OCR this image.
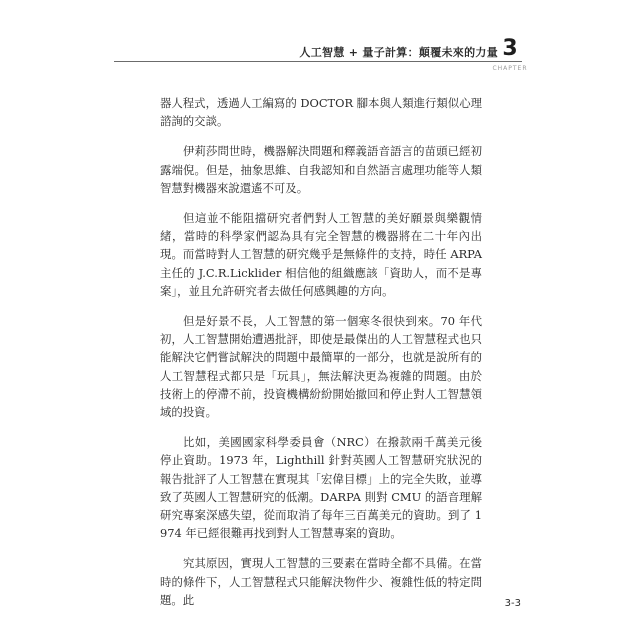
人工智慧 + 量子計算：顛覆未來的力量 3
CHAPTER

器人程式，透過人工編寫的 DOCTOR 腳本與人類進行類似心理諮詢的交談。

伊莉莎問世時，機器解決問題和釋義語音語言的苗頭已經初露端倪。但是，抽象思維、自我認知和自然語言處理功能等人類智慧對機器來說還遙不可及。

但這並不能阻擋研究者們對人工智慧的美好願景與樂觀情緒，當時的科學家們認為具有完全智慧的機器將在二十年內出現。而當時對人工智慧的研究幾乎是無條件的支持，時任 ARPA 主任的 J.C.R.Licklider 相信他的組織應該「資助人，而不是專案」，並且允許研究者去做任何感興趣的方向。

但是好景不長，人工智慧的第一個寒冬很快到來。70 年代初，人工智慧開始遭遇批評，即使是最傑出的人工智慧程式也只能解決它們嘗試解決的問題中最簡單的一部分，也就是說所有的人工智慧程式都只是「玩具」，無法解決更為複雜的問題。由於技術上的停滯不前，投資機構紛紛開始撤回和停止對人工智慧領域的投資。

比如，美國國家科學委員會（NRC）在撥款兩千萬美元後停止資助。1973 年，Lighthill 針對英國人工智慧研究狀況的報告批評了人工智慧在實現其「宏偉目標」上的完全失敗，並導致了英國人工智慧研究的低潮。DARPA 則對 CMU 的語音理解研究專案深感失望，從而取消了每年三百萬美元的資助。到了 1974 年已經很難再找到對人工智慧專案的資助。

究其原因，實現人工智慧的三要素在當時全都不具備。在當時的條件下，人工智慧程式只能解決物件少、複雜性低的特定問題。此	3-3
